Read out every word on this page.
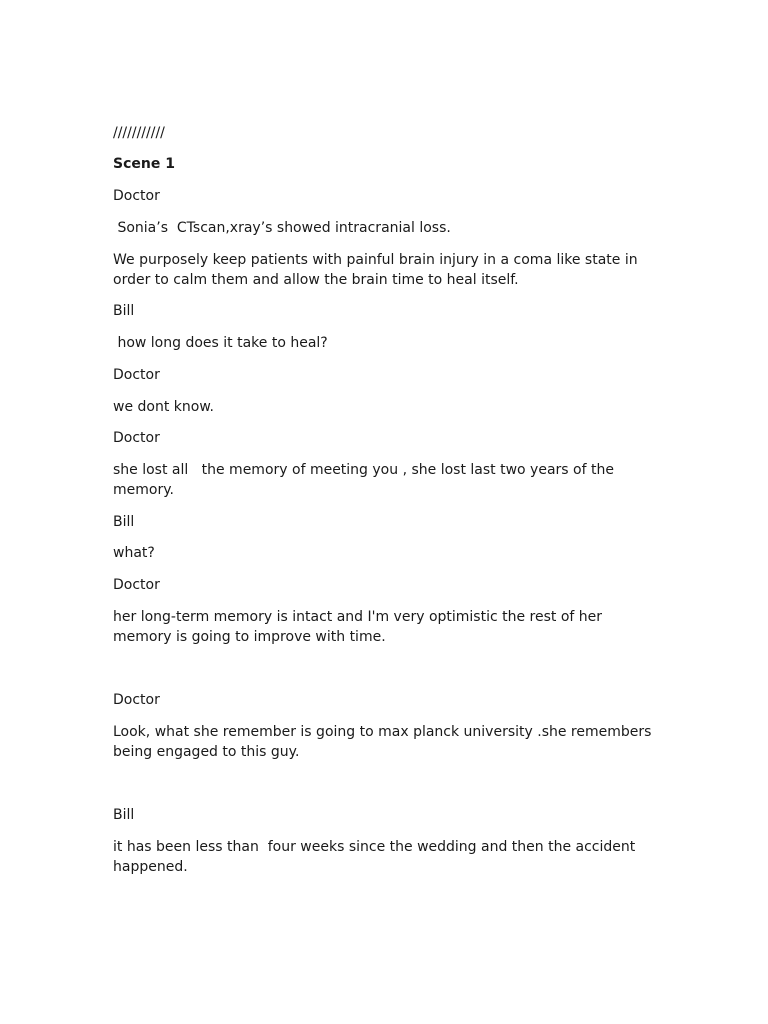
///////////

Scene 1

Doctor

Sonia’s  CTscan,xray’s showed intracranial loss.

We purposely keep patients with painful brain injury in a coma like state in order to calm them and allow the brain time to heal itself.

Bill

how long does it take to heal?

Doctor

we dont know.

Doctor

she lost all   the memory of meeting you , she lost last two years of the memory.

Bill

what?

Doctor

her long-term memory is intact and I'm very optimistic the rest of her memory is going to improve with time.

Doctor

Look, what she remember is going to max planck university .she remembers being engaged to this guy.

Bill

it has been less than  four weeks since the wedding and then the accident happened.
